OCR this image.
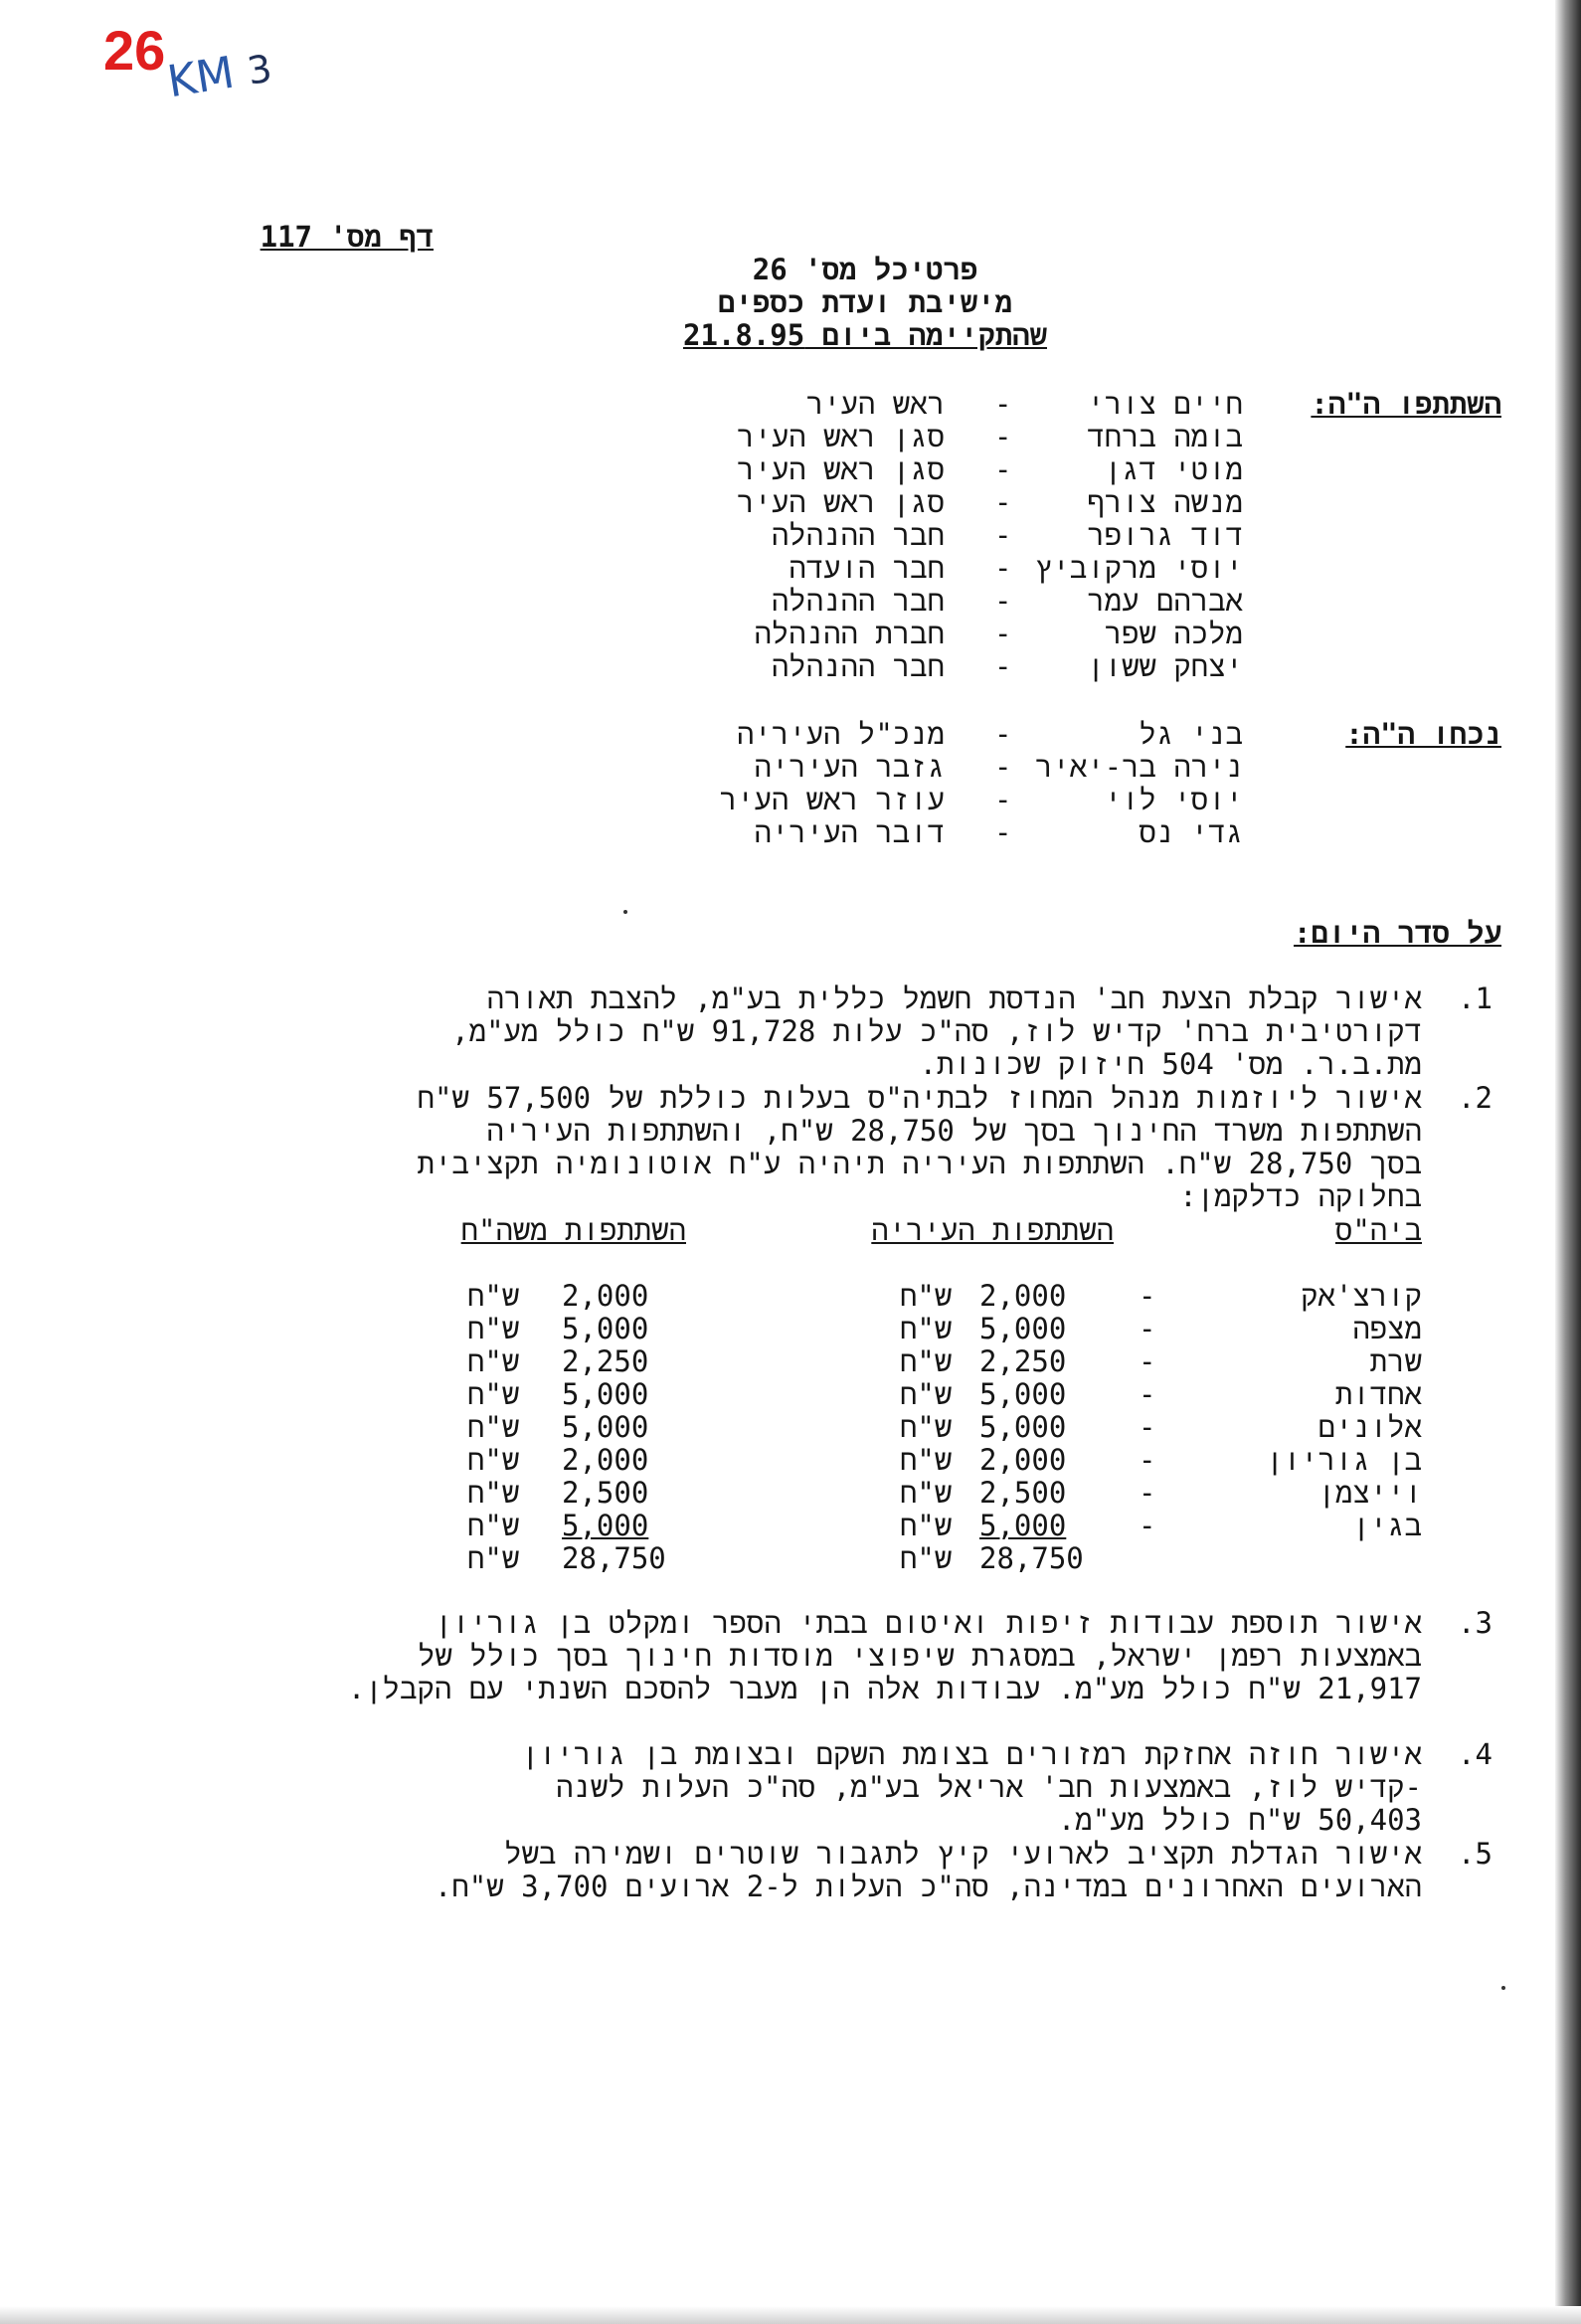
26
KM 3
דף מס' 117
פרטיכל מס' 26
מישיבת ועדת כספים
שהתקיימה ביום 21.8.95
השתתפו ה"ה:
חיים צורי
-
ראש העיר
בומה ברחד
-
סגן ראש העיר
מוטי דגן
-
סגן ראש העיר
מנשה צורף
-
סגן ראש העיר
דוד גרופר
-
חבר ההנהלה
יוסי מרקוביץ
-
חבר הועדה
אברהם עמר
-
חבר ההנהלה
מלכה שפר
-
חברת ההנהלה
יצחק ששון
-
חבר ההנהלה
נכחו ה"ה:
בני גל
-
מנכ"ל העיריה
נירה בר-יאיר
-
גזבר העיריה
יוסי לוי
-
עוזר ראש העיר
גדי נס
-
דובר העיריה
על סדר היום:
.1
אישור קבלת הצעת חב' הנדסת חשמל כללית בע"מ, להצבת תאורה
דקורטיבית ברח' קדיש לוז, סה"כ עלות 91,728 ש"ח כולל מע"מ,
מת.ב.ר. מס' 504 חיזוק שכונות.
.2
אישור ליוזמות מנהל המחוז לבתיה"ס בעלות כוללת של 57,500 ש"ח
השתתפות משרד החינוך בסך של 28,750 ש"ח, והשתתפות העיריה
בסך 28,750 ש"ח. השתתפות העיריה תיהיה ע"ח אוטונומיה תקציבית
בחלוקה כדלקמן:
ביה"ס
השתתפות העיריה
השתתפות משה"ח
קורצ'אק
-
2,000
ש"ח
2,000
ש"ח
מצפה
-
5,000
ש"ח
5,000
ש"ח
שרת
-
2,250
ש"ח
2,250
ש"ח
אחדות
-
5,000
ש"ח
5,000
ש"ח
אלונים
-
5,000
ש"ח
5,000
ש"ח
בן גוריון
-
2,000
ש"ח
2,000
ש"ח
וייצמן
-
2,500
ש"ח
2,500
ש"ח
בגין
-
5,000
ש"ח
5,000
ש"ח
28,750
ש"ח
28,750
ש"ח
.3
אישור תוספת עבודות זיפות ואיטום בבתי הספר ומקלט בן גוריון
באמצעות רפמן ישראל, במסגרת שיפוצי מוסדות חינוך בסך כולל של
21,917 ש"ח כולל מע"מ. עבודות אלה הן מעבר להסכם השנתי עם הקבלן.
.4
אישור חוזה אחזקת רמזורים בצומת השקם ובצומת בן גוריון
-קדיש לוז, באמצעות חב' אריאל בע"מ, סה"כ העלות לשנה
50,403 ש"ח כולל מע"מ.
.5
אישור הגדלת תקציב לארועי קיץ לתגבור שוטרים ושמירה בשל
הארועים האחרונים במדינה, סה"כ העלות ל-2 ארועים 3,700 ש"ח.
